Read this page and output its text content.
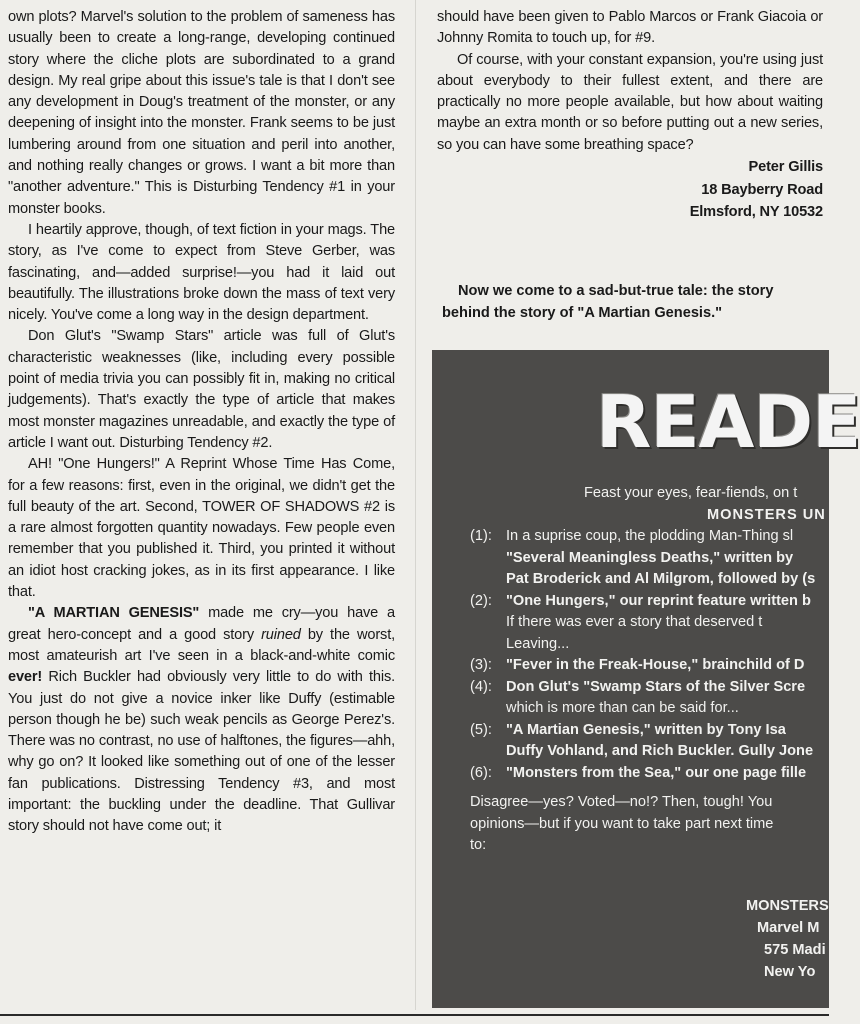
own plots? Marvel's solution to the problem of sameness has usually been to create a long-range, developing continued story where the cliche plots are subordinated to a grand design. My real gripe about this issue's tale is that I don't see any development in Doug's treatment of the monster, or any deepening of insight into the monster. Frank seems to be just lumbering around from one situation and peril into another, and nothing really changes or grows. I want a bit more than "another adventure." This is Disturbing Tendency #1 in your monster books.

I heartily approve, though, of text fiction in your mags. The story, as I've come to expect from Steve Gerber, was fascinating, and—added surprise!—you had it laid out beautifully. The illustrations broke down the mass of text very nicely. You've come a long way in the design department.

Don Glut's "Swamp Stars" article was full of Glut's characteristic weaknesses (like, including every possible point of media trivia you can possibly fit in, making no critical judgements). That's exactly the type of article that makes most monster magazines unreadable, and exactly the type of article I want out. Disturbing Tendency #2.

AH! "One Hungers!" A Reprint Whose Time Has Come, for a few reasons: first, even in the original, we didn't get the full beauty of the art. Second, TOWER OF SHADOWS #2 is a rare almost forgotten quantity nowadays. Few people even remember that you published it. Third, you printed it without an idiot host cracking jokes, as in its first appearance. I like that.

"A MARTIAN GENESIS" made me cry—you have a great hero-concept and a good story ruined by the worst, most amateurish art I've seen in a black-and-white comic ever! Rich Buckler had obviously very little to do with this. You just do not give a novice inker like Duffy (estimable person though he be) such weak pencils as George Perez's. There was no contrast, no use of halftones, the figures—ahh, why go on? It looked like something out of one of the lesser fan publications. Distressing Tendency #3, and most important: the buckling under the deadline. That Gullivar story should not have come out; it

should have been given to Pablo Marcos or Frank Giacoia or Johnny Romita to touch up, for #9.

Of course, with your constant expansion, you're using just about everybody to their fullest extent, and there are practically no more people available, but how about waiting maybe an extra month or so before putting out a new series, so you can have some breathing space?

Peter Gillis
18 Bayberry Road
Elmsford, NY 10532
Now we come to a sad-but-true tale: the story
behind the story of "A Martian Genesis."
READE
Feast your eyes, fear-fiends, on t
MONSTERS UN
(1): In a suprise coup, the plodding Man-Thing sl
"Several Meaningless Deaths," written by
Pat Broderick and Al Milgrom, followed by (s
(2): "One Hungers," our reprint feature written b
If there was ever a story that deserved t
Leaving...
(3): "Fever in the Freak-House," brainchild of D
(4): Don Glut's "Swamp Stars of the Silver Scre
which is more than can be said for...
(5): "A Martian Genesis," written by Tony Isa
Duffy Vohland, and Rich Buckler. Gully Jone
(6): "Monsters from the Sea," our one page fille
Disagree—yes? Voted—no!? Then, tough! You
opinions—but if you want to take part next time
to:
MONSTERS
Marvel M
575 Madi
New Yo
